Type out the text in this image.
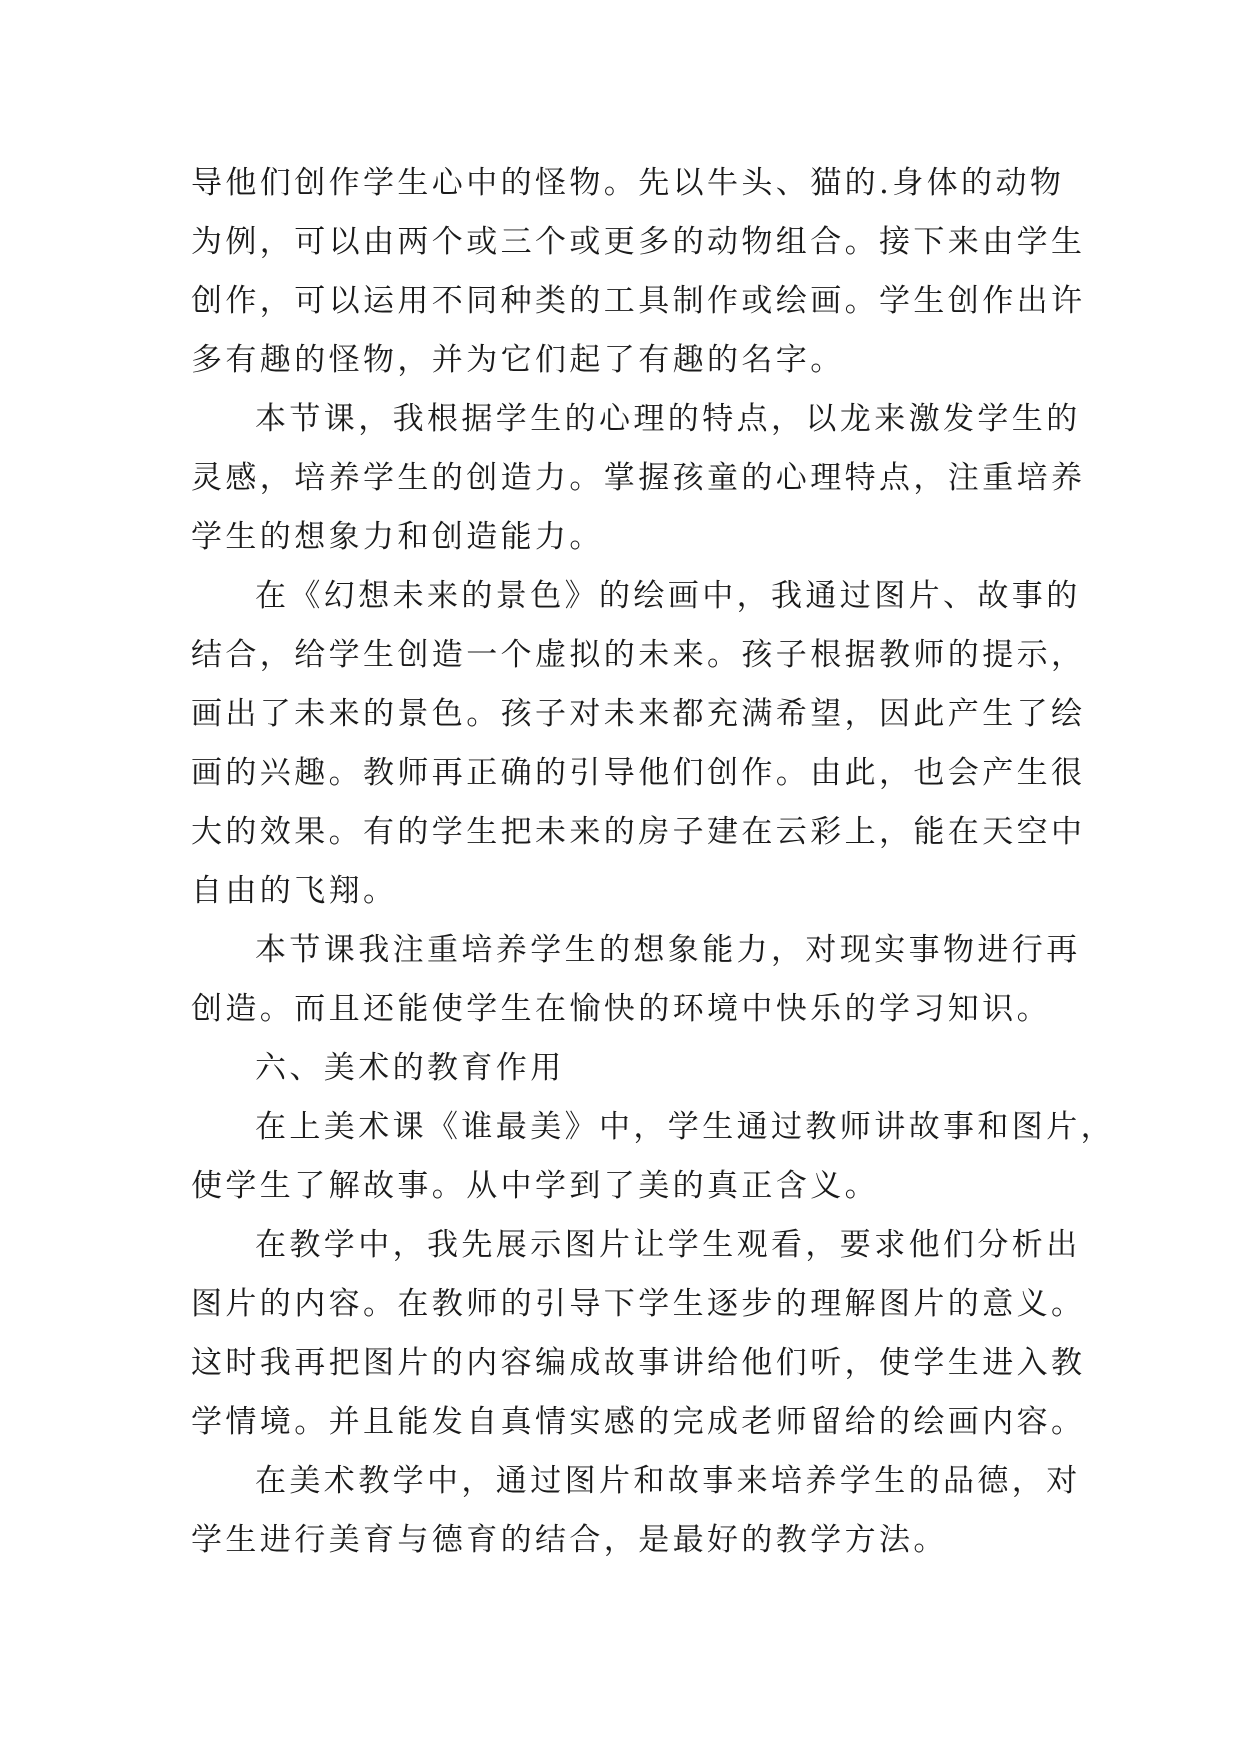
导他们创作学生心中的怪物。先以牛头、猫的.身体的动物
为例，可以由两个或三个或更多的动物组合。接下来由学生
创作，可以运用不同种类的工具制作或绘画。学生创作出许
多有趣的怪物，并为它们起了有趣的名字。
本节课，我根据学生的心理的特点，以龙来激发学生的
灵感，培养学生的创造力。掌握孩童的心理特点，注重培养
学生的想象力和创造能力。
在《幻想未来的景色》的绘画中，我通过图片、故事的
结合，给学生创造一个虚拟的未来。孩子根据教师的提示，
画出了未来的景色。孩子对未来都充满希望，因此产生了绘
画的兴趣。教师再正确的引导他们创作。由此，也会产生很
大的效果。有的学生把未来的房子建在云彩上，能在天空中
自由的飞翔。
本节课我注重培养学生的想象能力，对现实事物进行再
创造。而且还能使学生在愉快的环境中快乐的学习知识。
六、美术的教育作用
在上美术课《谁最美》中，学生通过教师讲故事和图片，
使学生了解故事。从中学到了美的真正含义。
在教学中，我先展示图片让学生观看，要求他们分析出
图片的内容。在教师的引导下学生逐步的理解图片的意义。
这时我再把图片的内容编成故事讲给他们听，使学生进入教
学情境。并且能发自真情实感的完成老师留给的绘画内容。
在美术教学中，通过图片和故事来培养学生的品德，对
学生进行美育与德育的结合，是最好的教学方法。
